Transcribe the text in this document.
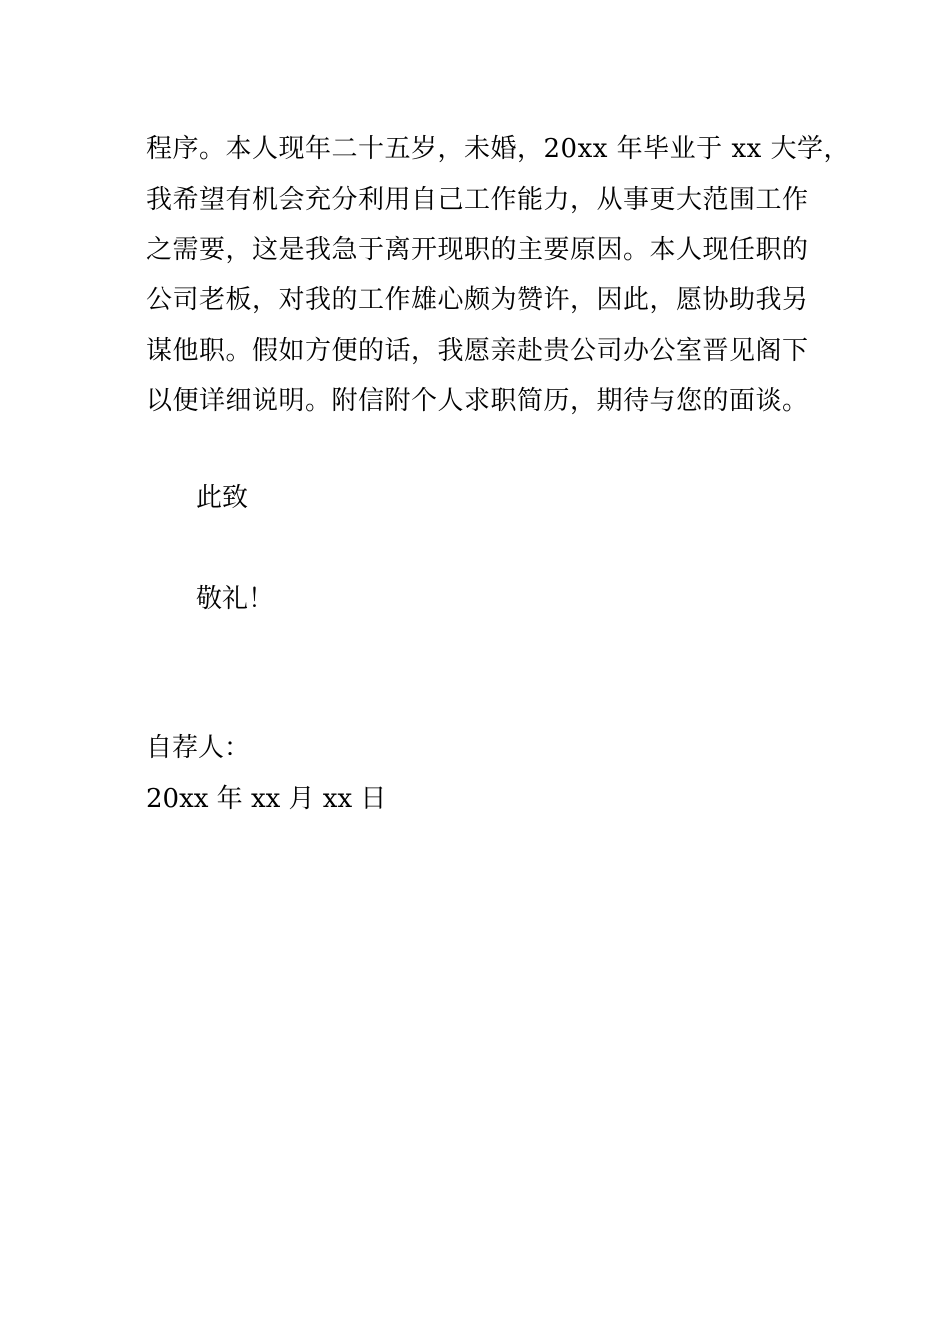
程序。本人现年二十五岁，未婚，20xx 年毕业于 xx 大学，
我希望有机会充分利用自己工作能力，从事更大范围工作
之需要，这是我急于离开现职的主要原因。本人现任职的
公司老板，对我的工作雄心颇为赞许，因此，愿协助我另
谋他职。假如方便的话，我愿亲赴贵公司办公室晋见阁下
以便详细说明。附信附个人求职简历，期待与您的面谈。
此致
敬礼！
自荐人：
20xx 年 xx 月 xx 日
